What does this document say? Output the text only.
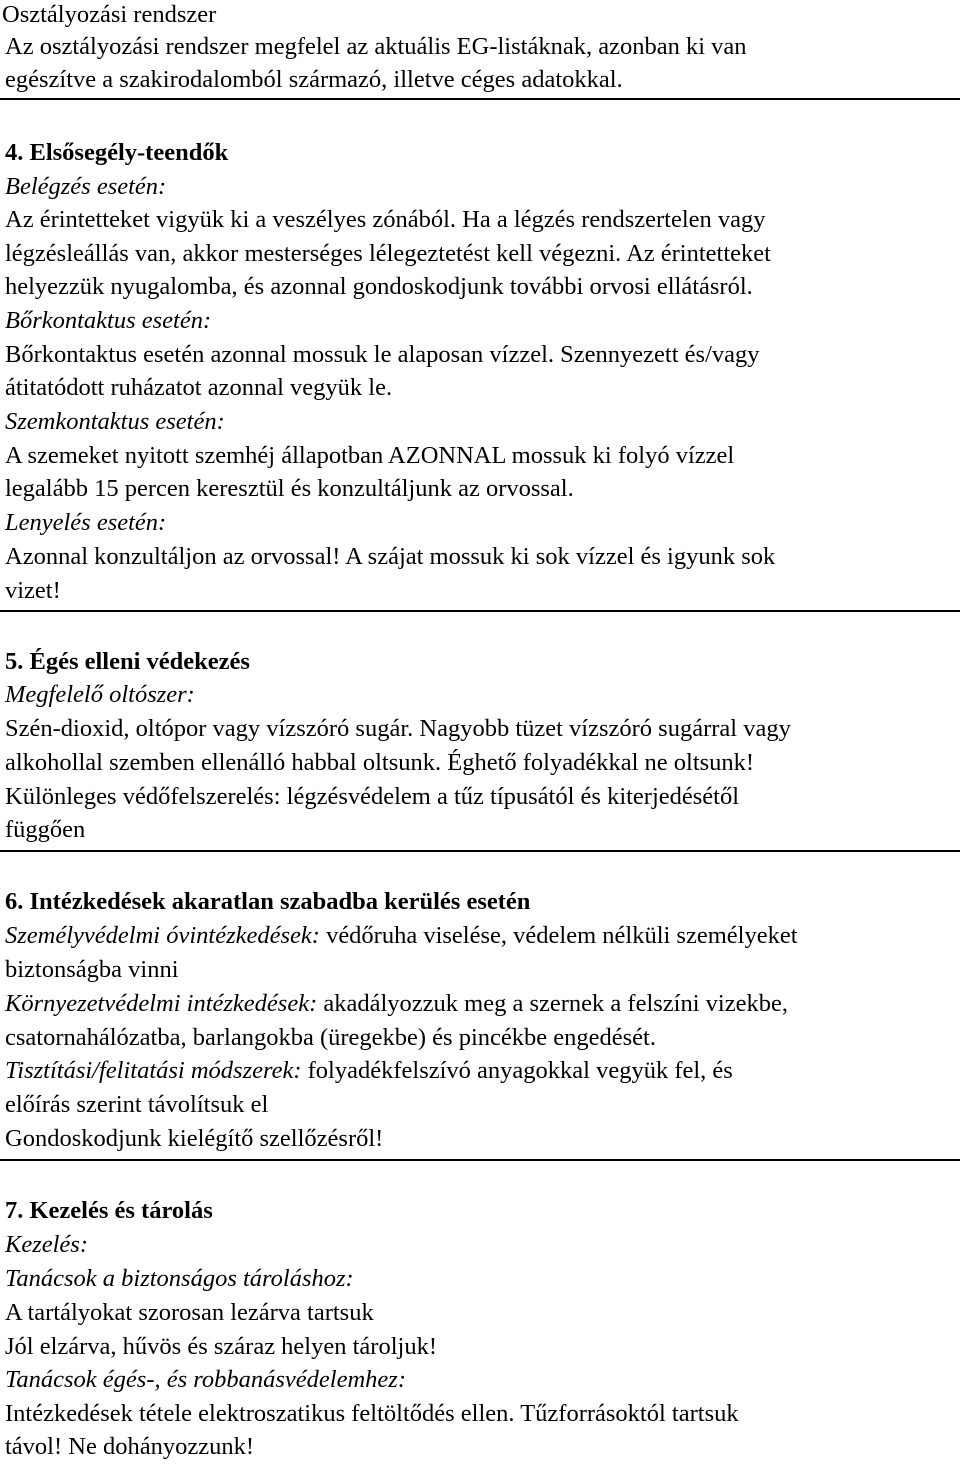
Osztályozási rendszer
Az osztályozási rendszer megfelel az aktuális EG-listáknak, azonban ki van
egészítve a szakirodalomból származó, illetve céges adatokkal.
4. Elsősegély-teendők
Belégzés esetén:
Az érintetteket vigyük ki a veszélyes zónából. Ha a légzés rendszertelen vagy
légzésleállás van, akkor mesterséges lélegeztetést kell végezni. Az érintetteket
helyezzük nyugalomba, és azonnal gondoskodjunk további orvosi ellátásról.
Bőrkontaktus esetén:
Bőrkontaktus esetén azonnal mossuk le alaposan vízzel. Szennyezett és/vagy
átitatódott ruházatot azonnal vegyük le.
Szemkontaktus esetén:
A szemeket nyitott szemhéj állapotban AZONNAL mossuk ki folyó vízzel
legalább 15 percen keresztül és konzultáljunk az orvossal.
Lenyelés esetén:
Azonnal konzultáljon az orvossal! A szájat mossuk ki sok vízzel és igyunk sok
vizet!
5. Égés elleni védekezés
Megfelelő oltószer:
Szén-dioxid, oltópor vagy vízszóró sugár. Nagyobb tüzet vízszóró sugárral vagy
alkohollal szemben ellenálló habbal oltsunk. Éghető folyadékkal ne oltsunk!
Különleges védőfelszerelés: légzésvédelem a tűz típusától és kiterjedésétől
függően
6. Intézkedések akaratlan szabadba kerülés esetén
Személyvédelmi óvintézkedések: védőruha viselése, védelem nélküli személyeket
biztonságba vinni
Környezetvédelmi intézkedések: akadályozzuk meg a szernek a felszíni vizekbe,
csatornahálózatba, barlangokba (üregekbe) és pincékbe engedését.
Tisztítási/felitatási módszerek: folyadékfelszívó anyagokkal vegyük fel, és
előírás szerint távolítsuk el
Gondoskodjunk kielégítő szellőzésről!
7. Kezelés és tárolás
Kezelés:
Tanácsok a biztonságos tároláshoz:
A tartályokat szorosan lezárva tartsuk
Jól elzárva, hűvös és száraz helyen tároljuk!
Tanácsok égés-, és robbanásvédelemhez:
Intézkedések tétele elektroszatikus feltöltődés ellen. Tűzforrásoktól tartsuk
távol! Ne dohányozzunk!
